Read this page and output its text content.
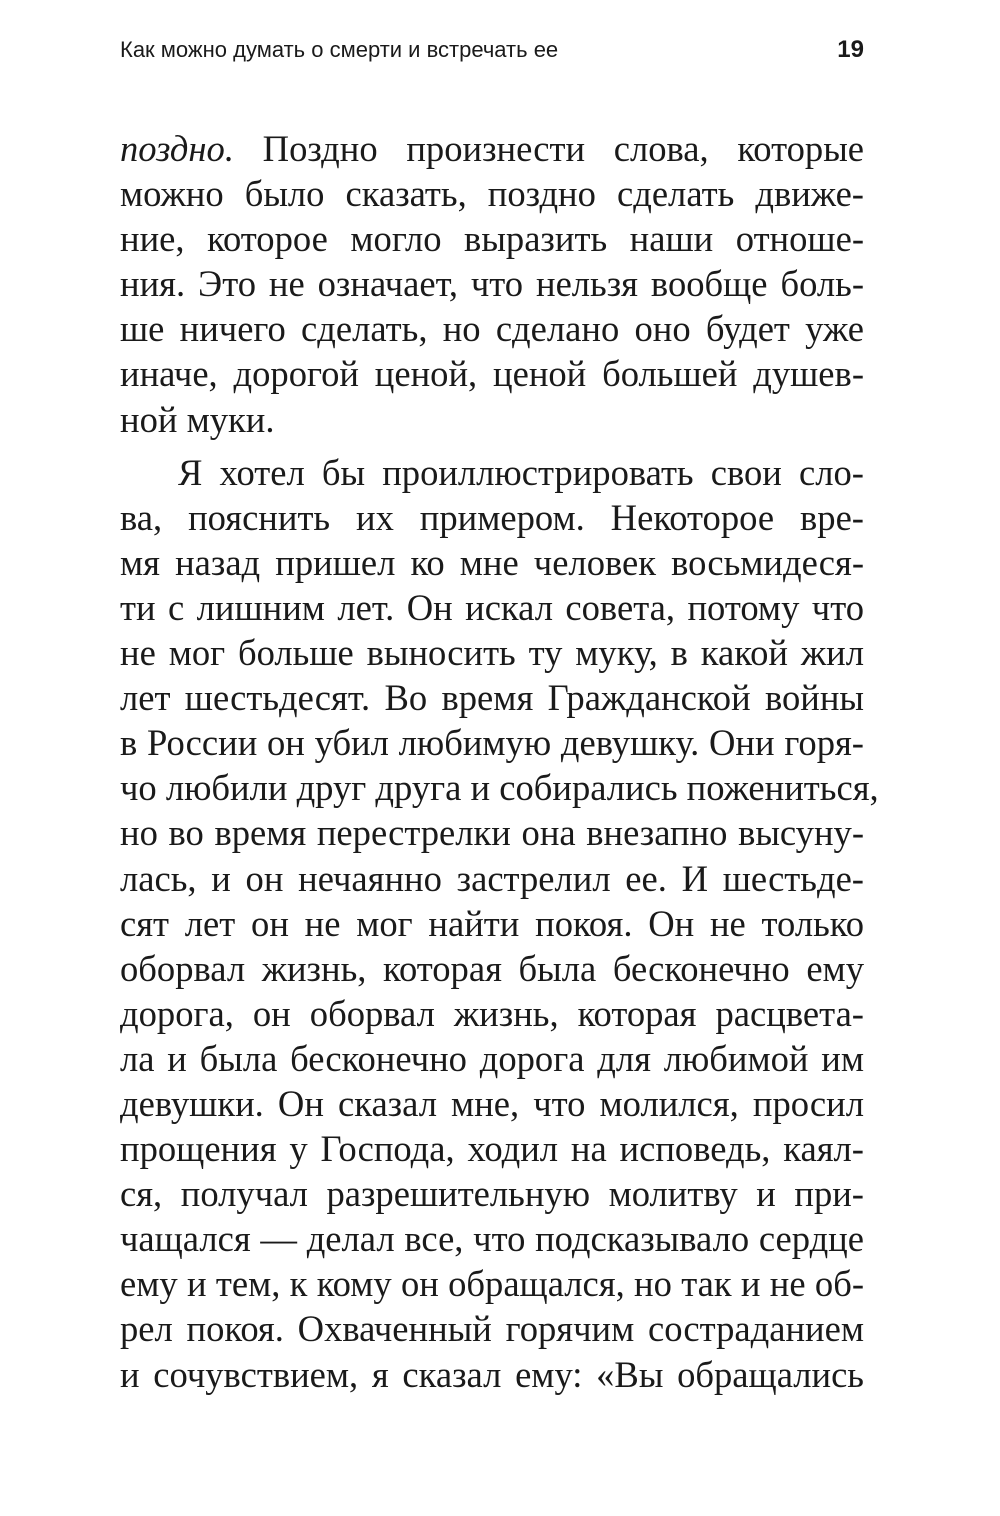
Как можно думать о смерти и встречать ее	19
поздно. Поздно произнести слова, которые
можно было сказать, поздно сделать движе-
ние, которое могло выразить наши отноше-
ния. Это не означает, что нельзя вообще боль-
ше ничего сделать, но сделано оно будет уже
иначе, дорогой ценой, ценой большей душев-
ной муки.
Я хотел бы проиллюстрировать свои сло-
ва, пояснить их примером. Некоторое вре-
мя назад пришел ко мне человек восьмидеся-
ти с лишним лет. Он искал совета, потому что
не мог больше выносить ту муку, в какой жил
лет шестьдесят. Во время Гражданской войны
в России он убил любимую девушку. Они горя-
чо любили друг друга и собирались пожениться,
но во время перестрелки она внезапно высуну-
лась, и он нечаянно застрелил ее. И шестьде-
сят лет он не мог найти покоя. Он не только
оборвал жизнь, которая была бесконечно ему
дорога, он оборвал жизнь, которая расцвета-
ла и была бесконечно дорога для любимой им
девушки. Он сказал мне, что молился, просил
прощения у Господа, ходил на исповедь, каял-
ся, получал разрешительную молитву и при-
чащался — делал все, что подсказывало сердце
ему и тем, к кому он обращался, но так и не об-
рел покоя. Охваченный горячим состраданием
и сочувствием, я сказал ему: «Вы обращались
